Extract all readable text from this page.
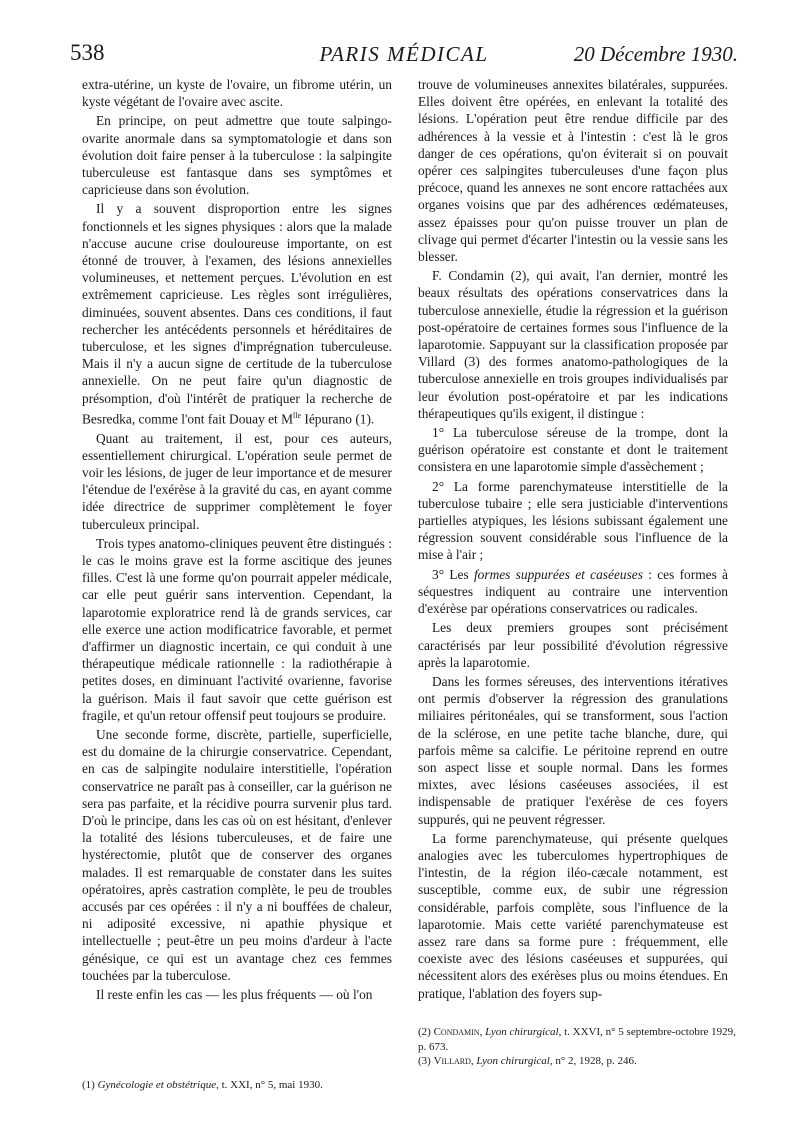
538	PARIS MÉDICAL	20 Décembre 1930.

extra-utérine, un kyste de l'ovaire, un fibrome utérin, un kyste végétant de l'ovaire avec ascite.

En principe, on peut admettre que toute salpingo-ovarite anormale dans sa symptomatologie et dans son évolution doit faire penser à la tuberculose : la salpingite tuberculeuse est fantasque dans ses symptômes et capricieuse dans son évolution.

Il y a souvent disproportion entre les signes fonctionnels et les signes physiques : alors que la malade n'accuse aucune crise douloureuse importante, on est étonné de trouver, à l'examen, des lésions annexielles volumineuses, et nettement perçues. L'évolution en est extrêmement capricieuse. Les règles sont irrégulières, diminuées, souvent absentes. Dans ces conditions, il faut rechercher les antécédents personnels et héréditaires de tuberculose, et les signes d'imprégnation tuberculeuse. Mais il n'y a aucun signe de certitude de la tuberculose annexielle. On ne peut faire qu'un diagnostic de présomption, d'où l'intérêt de pratiquer la recherche de Besredka, comme l'ont fait Douay et $M^{lle}$ Iépurano (1).

Quant au traitement, il est, pour ces auteurs, essentiellement chirurgical. L'opération seule permet de voir les lésions, de juger de leur importance et de mesurer l'étendue de l'exérèse à la gravité du cas, en ayant comme idée directrice de supprimer complètement le foyer tuberculeux principal.

Trois types anatomo-cliniques peuvent être distingués : le cas le moins grave est la forme ascitique des jeunes filles. C'est là une forme qu'on pourrait appeler médicale, car elle peut guérir sans intervention. Cependant, la laparotomie exploratrice rend là de grands services, car elle exerce une action modificatrice favorable, et permet d'affirmer un diagnostic incertain, ce qui conduit à une thérapeutique médicale rationnelle : la radiothérapie à petites doses, en diminuant l'activité ovarienne, favorise la guérison. Mais il faut savoir que cette guérison est fragile, et qu'un retour offensif peut toujours se produire.

Une seconde forme, discrète, partielle, superficielle, est du domaine de la chirurgie conservatrice. Cependant, en cas de salpingite nodulaire interstitielle, l'opération conservatrice ne paraît pas à conseiller, car la guérison ne sera pas parfaite, et la récidive pourra survenir plus tard. D'où le principe, dans les cas où on est hésitant, d'enlever la totalité des lésions tuberculeuses, et de faire une hystérectomie, plutôt que de conserver des organes malades. Il est remarquable de constater dans les suites opératoires, après castration complète, le peu de troubles accusés par ces opérées : il n'y a ni bouffées de chaleur, ni adiposité excessive, ni apathie physique et intellectuelle ; peut-être un peu moins d'ardeur à l'acte génésique, ce qui est un avantage chez ces femmes touchées par la tuberculose.

Il reste enfin les cas — les plus fréquents — où l'on

trouve de volumineuses annexites bilatérales, suppurées. Elles doivent être opérées, en enlevant la totalité des lésions. L'opération peut être rendue difficile par des adhérences à la vessie et à l'intestin : c'est là le gros danger de ces opérations, qu'on éviterait si on pouvait opérer ces salpingites tuberculeuses d'une façon plus précoce, quand les annexes ne sont encore rattachées aux organes voisins que par des adhérences œdémateuses, assez épaisses pour qu'on puisse trouver un plan de clivage qui permet d'écarter l'intestin ou la vessie sans les blesser.

F. Condamin (2), qui avait, l'an dernier, montré les beaux résultats des opérations conservatrices dans la tuberculose annexielle, étudie la régression et la guérison post-opératoire de certaines formes sous l'influence de la laparotomie. Sappuyant sur la classification proposée par Villard (3) des formes anatomo-pathologiques de la tuberculose annexielle en trois groupes individualisés par leur évolution post-opératoire et par les indications thérapeutiques qu'ils exigent, il distingue :

1° La tuberculose séreuse de la trompe, dont la guérison opératoire est constante et dont le traitement consistera en une laparotomie simple d'assèchement ;

2° La forme parenchymateuse interstitielle de la tuberculose tubaire ; elle sera justiciable d'interventions partielles atypiques, les lésions subissant également une régression souvent considérable sous l'influence de la mise à l'air ;

3° Les formes suppurées et caséeuses : ces formes à séquestres indiquent au contraire une intervention d'exérèse par opérations conservatrices ou radicales.

Les deux premiers groupes sont précisément caractérisés par leur possibilité d'évolution régressive après la laparotomie.

Dans les formes séreuses, des interventions itératives ont permis d'observer la régression des granulations miliaires péritonéales, qui se transforment, sous l'action de la sclérose, en une petite tache blanche, dure, qui parfois même sa calcifie. Le péritoine reprend en outre son aspect lisse et souple normal. Dans les formes mixtes, avec lésions caséeuses associées, il est indispensable de pratiquer l'exérèse de ces foyers suppurés, qui ne peuvent régresser.

La forme parenchymateuse, qui présente quelques analogies avec les tuberculomes hypertrophiques de l'intestin, de la région iléo-cæcale notamment, est susceptible, comme eux, de subir une régression considérable, parfois complète, sous l'influence de la laparotomie. Mais cette variété parenchymateuse est assez rare dans sa forme pure : fréquemment, elle coexiste avec des lésions caséeuses et suppurées, qui nécessitent alors des exérèses plus ou moins étendues. En pratique, l'ablation des foyers sup-

(2) Condamin, Lyon chirurgical, t. XXVI, n° 5 septembre-octobre 1929, p. 673.

(3) Villard, Lyon chirurgical, n° 2, 1928, p. 246.

(1) Gynécologie et obstétrique, t. XXI, n° 5, mai 1930.
